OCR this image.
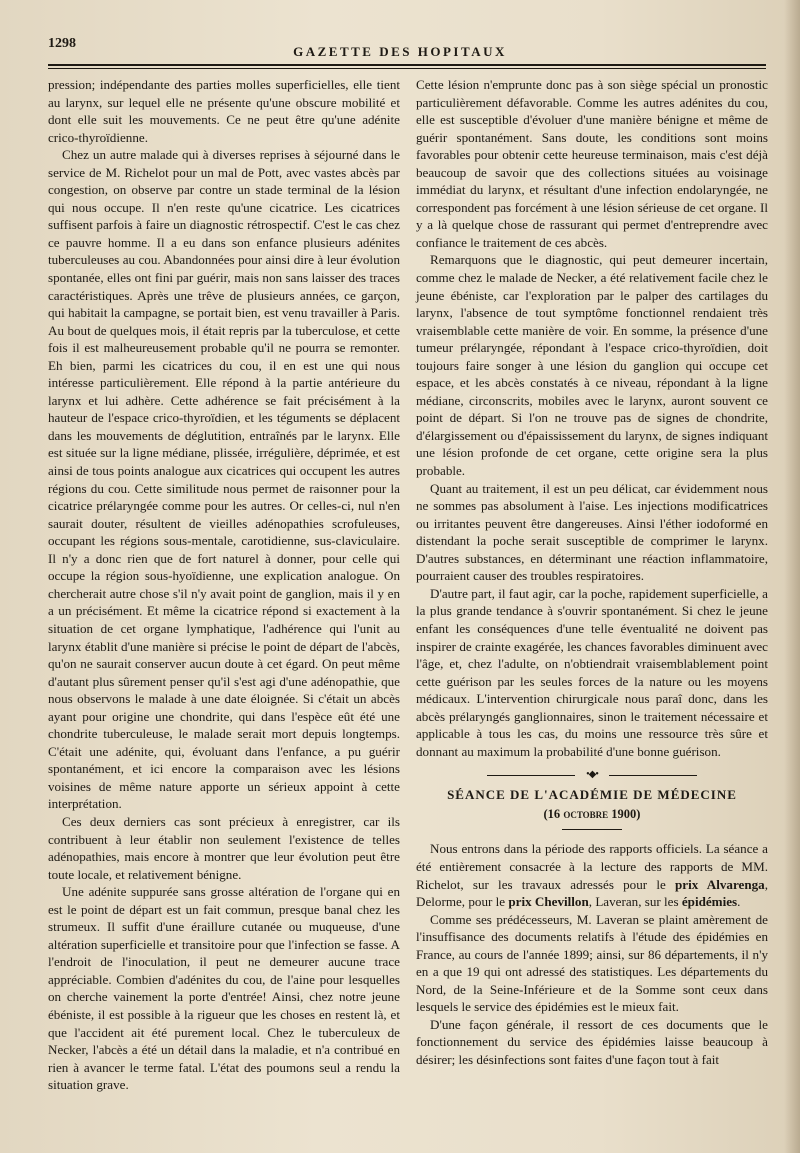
1298
GAZETTE DES HOPITAUX

pression; indépendante des parties molles superficielles, elle tient au larynx, sur lequel elle ne présente qu'une obscure mobilité et dont elle suit les mouvements. Ce ne peut être qu'une adénite crico-thyroïdienne.

Chez un autre malade qui à diverses reprises à séjourné dans le service de M. Richelot pour un mal de Pott, avec vastes abcès par congestion, on observe par contre un stade terminal de la lésion qui nous occupe. Il n'en reste qu'une cicatrice. Les cicatrices suffisent parfois à faire un diagnostic rétrospectif. C'est le cas chez ce pauvre homme. Il a eu dans son enfance plusieurs adénites tuberculeuses au cou. Abandonnées pour ainsi dire à leur évolution spontanée, elles ont fini par guérir, mais non sans laisser des traces caractéristiques. Après une trêve de plusieurs années, ce garçon, qui habitait la campagne, se portait bien, est venu travailler à Paris. Au bout de quelques mois, il était repris par la tuberculose, et cette fois il est malheureusement probable qu'il ne pourra se remonter. Eh bien, parmi les cicatrices du cou, il en est une qui nous intéresse particulièrement. Elle répond à la partie antérieure du larynx et lui adhère. Cette adhérence se fait précisément à la hauteur de l'espace crico-thyroïdien, et les téguments se déplacent dans les mouvements de déglutition, entraînés par le larynx. Elle est située sur la ligne médiane, plissée, irrégulière, déprimée, et est ainsi de tous points analogue aux cicatrices qui occupent les autres régions du cou. Cette similitude nous permet de raisonner pour la cicatrice prélaryngée comme pour les autres. Or celles-ci, nul n'en saurait douter, résultent de vieilles adénopathies scrofuleuses, occupant les régions sous-mentale, carotidienne, sus-claviculaire. Il n'y a donc rien que de fort naturel à donner, pour celle qui occupe la région sous-hyoïdienne, une explication analogue. On chercherait autre chose s'il n'y avait point de ganglion, mais il y en a un précisément. Et même la cicatrice répond si exactement à la situation de cet organe lymphatique, l'adhérence qui l'unit au larynx établit d'une manière si précise le point de départ de l'abcès, qu'on ne saurait conserver aucun doute à cet égard. On peut même d'autant plus sûrement penser qu'il s'est agi d'une adénopathie, que nous observons le malade à une date éloignée. Si c'était un abcès ayant pour origine une chondrite, qui dans l'espèce eût été une chondrite tuberculeuse, le malade serait mort depuis longtemps. C'était une adénite, qui, évoluant dans l'enfance, a pu guérir spontanément, et ici encore la comparaison avec les lésions voisines de même nature apporte un sérieux appoint à cette interprétation.

Ces deux derniers cas sont précieux à enregistrer, car ils contribuent à leur établir non seulement l'existence de telles adénopathies, mais encore à montrer que leur évolution peut être toute locale, et relativement bénigne.

Une adénite suppurée sans grosse altération de l'organe qui en est le point de départ est un fait commun, presque banal chez les strumeux. Il suffit d'une éraillure cutanée ou muqueuse, d'une altération superficielle et transitoire pour que l'infection se fasse. A l'endroit de l'inoculation, il peut ne demeurer aucune trace appréciable. Combien d'adénites du cou, de l'aine pour lesquelles on cherche vainement la porte d'entrée! Ainsi, chez notre jeune ébéniste, il est possible à la rigueur que les choses en restent là, et que l'accident ait été purement local. Chez le tuberculeux de Necker, l'abcès a été un détail dans la maladie, et n'a contribué en rien à avancer le terme fatal. L'état des poumons seul a rendu la situation grave.

Cette lésion n'emprunte donc pas à son siège spécial un pronostic particulièrement défavorable. Comme les autres adénites du cou, elle est susceptible d'évoluer d'une manière bénigne et même de guérir spontanément. Sans doute, les conditions sont moins favorables pour obtenir cette heureuse terminaison, mais c'est déjà beaucoup de savoir que des collections situées au voisinage immédiat du larynx, et résultant d'une infection endolaryngée, ne correspondent pas forcément à une lésion sérieuse de cet organe. Il y a là quelque chose de rassurant qui permet d'entreprendre avec confiance le traitement de ces abcès.

Remarquons que le diagnostic, qui peut demeurer incertain, comme chez le malade de Necker, a été relativement facile chez le jeune ébéniste, car l'exploration par le palper des cartilages du larynx, l'absence de tout symptôme fonctionnel rendaient très vraisemblable cette manière de voir. En somme, la présence d'une tumeur prélaryngée, répondant à l'espace crico-thyroïdien, doit toujours faire songer à une lésion du ganglion qui occupe cet espace, et les abcès constatés à ce niveau, répondant à la ligne médiane, circonscrits, mobiles avec le larynx, auront souvent ce point de départ. Si l'on ne trouve pas de signes de chondrite, d'élargissement ou d'épaississement du larynx, de signes indiquant une lésion profonde de cet organe, cette origine sera la plus probable.

Quant au traitement, il est un peu délicat, car évidemment nous ne sommes pas absolument à l'aise. Les injections modificatrices ou irritantes peuvent être dangereuses. Ainsi l'éther iodoformé en distendant la poche serait susceptible de comprimer le larynx. D'autres substances, en déterminant une réaction inflammatoire, pourraient causer des troubles respiratoires.

D'autre part, il faut agir, car la poche, rapidement superficielle, a la plus grande tendance à s'ouvrir spontanément. Si chez le jeune enfant les conséquences d'une telle éventualité ne doivent pas inspirer de crainte exagérée, les chances favorables diminuent avec l'âge, et, chez l'adulte, on n'obtiendrait vraisemblablement point cette guérison par les seules forces de la nature ou les moyens médicaux. L'intervention chirurgicale nous paraî donc, dans les abcès prélaryngés ganglionnaires, sinon le traitement nécessaire et applicable à tous les cas, du moins une ressource très sûre et donnant au maximum la probabilité d'une bonne guérison.

•◆•
SÉANCE DE L'ACADÉMIE DE MÉDECINE
(16 octobre 1900)

Nous entrons dans la période des rapports officiels. La séance a été entièrement consacrée à la lecture des rapports de MM. Richelot, sur les travaux adressés pour le prix Alvarenga, Delorme, pour le prix Chevillon, Laveran, sur les épidémies.

Comme ses prédécesseurs, M. Laveran se plaint amèrement de l'insuffisance des documents relatifs à l'étude des épidémies en France, au cours de l'année 1899; ainsi, sur 86 départements, il n'y en a que 19 qui ont adressé des statistiques. Les départements du Nord, de la Seine-Inférieure et de la Somme sont ceux dans lesquels le service des épidémies est le mieux fait.

D'une façon générale, il ressort de ces documents que le fonctionnement du service des épidémies laisse beaucoup à désirer; les désinfections sont faites d'une façon tout à fait
